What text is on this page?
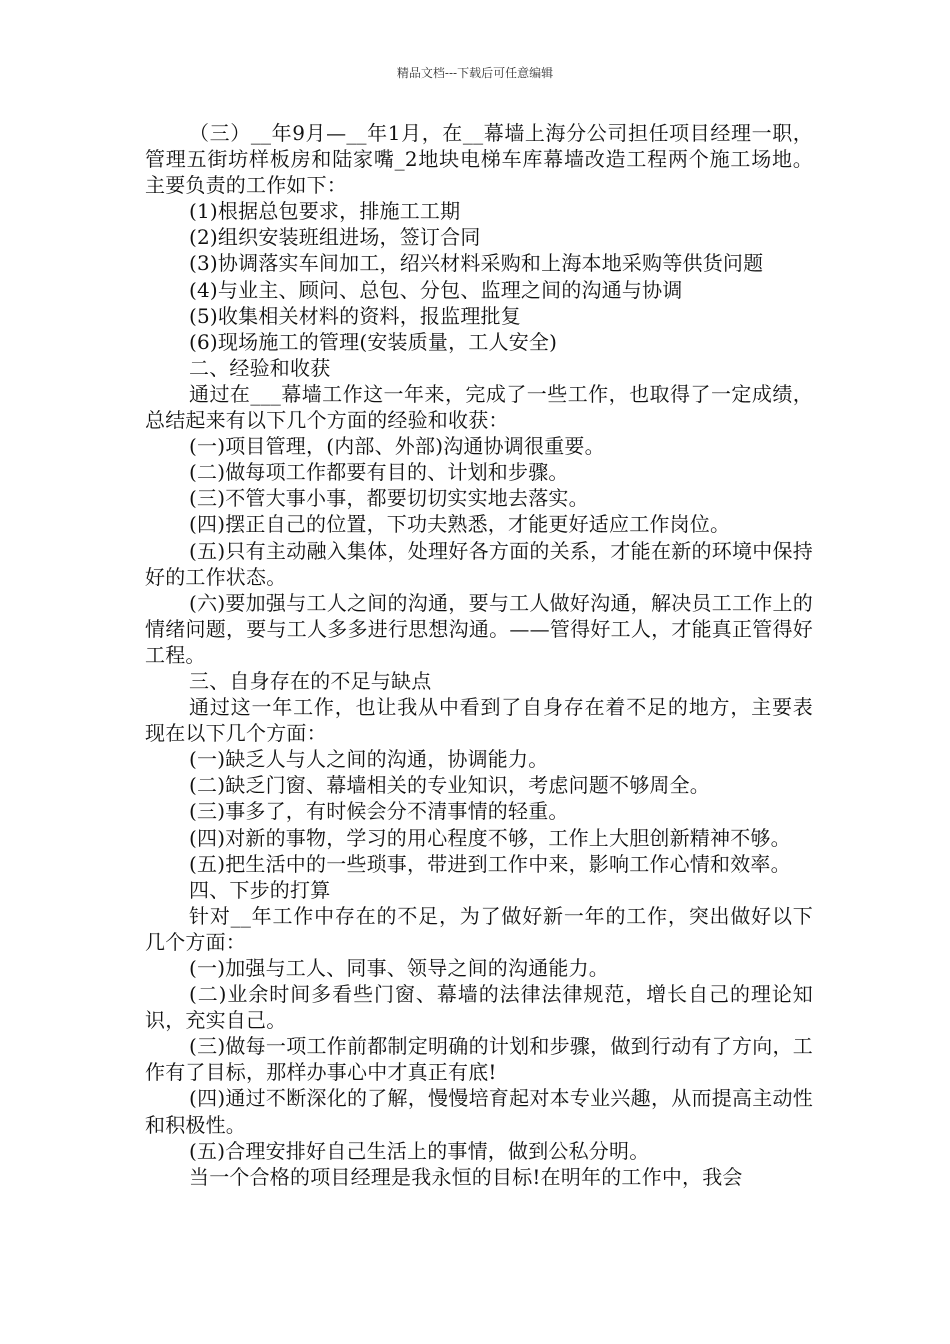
精品文档---下载后可任意编辑

（三）__年9月—__年1月，在__幕墙上海分公司担任项目经理一职，管理五街坊样板房和陆家嘴_2地块电梯车库幕墙改造工程两个施工场地。主要负责的工作如下：

(1)根据总包要求，排施工工期

(2)组织安装班组进场，签订合同

(3)协调落实车间加工，绍兴材料采购和上海本地采购等供货问题

(4)与业主、顾问、总包、分包、监理之间的沟通与协调

(5)收集相关材料的资料，报监理批复

(6)现场施工的管理(安装质量，工人安全)

二、经验和收获

通过在___幕墙工作这一年来，完成了一些工作，也取得了一定成绩，总结起来有以下几个方面的经验和收获：

(一)项目管理，(内部、外部)沟通协调很重要。

(二)做每项工作都要有目的、计划和步骤。

(三)不管大事小事，都要切切实实地去落实。

(四)摆正自己的位置，下功夫熟悉，才能更好适应工作岗位。

(五)只有主动融入集体，处理好各方面的关系，才能在新的环境中保持好的工作状态。

(六)要加强与工人之间的沟通，要与工人做好沟通，解决员工工作上的情绪问题，要与工人多多进行思想沟通。——管得好工人，才能真正管得好工程。

三、自身存在的不足与缺点

通过这一年工作，也让我从中看到了自身存在着不足的地方，主要表现在以下几个方面：

(一)缺乏人与人之间的沟通，协调能力。

(二)缺乏门窗、幕墙相关的专业知识，考虑问题不够周全。

(三)事多了，有时候会分不清事情的轻重。

(四)对新的事物，学习的用心程度不够，工作上大胆创新精神不够。

(五)把生活中的一些琐事，带进到工作中来，影响工作心情和效率。

四、下步的打算

针对__年工作中存在的不足，为了做好新一年的工作，突出做好以下几个方面：

(一)加强与工人、同事、领导之间的沟通能力。

(二)业余时间多看些门窗、幕墙的法律法律规范，增长自己的理论知识，充实自己。

(三)做每一项工作前都制定明确的计划和步骤，做到行动有了方向，工作有了目标，那样办事心中才真正有底!

(四)通过不断深化的了解，慢慢培育起对本专业兴趣，从而提高主动性和积极性。

(五)合理安排好自己生活上的事情，做到公私分明。

当一个合格的项目经理是我永恒的目标!在明年的工作中，我会
